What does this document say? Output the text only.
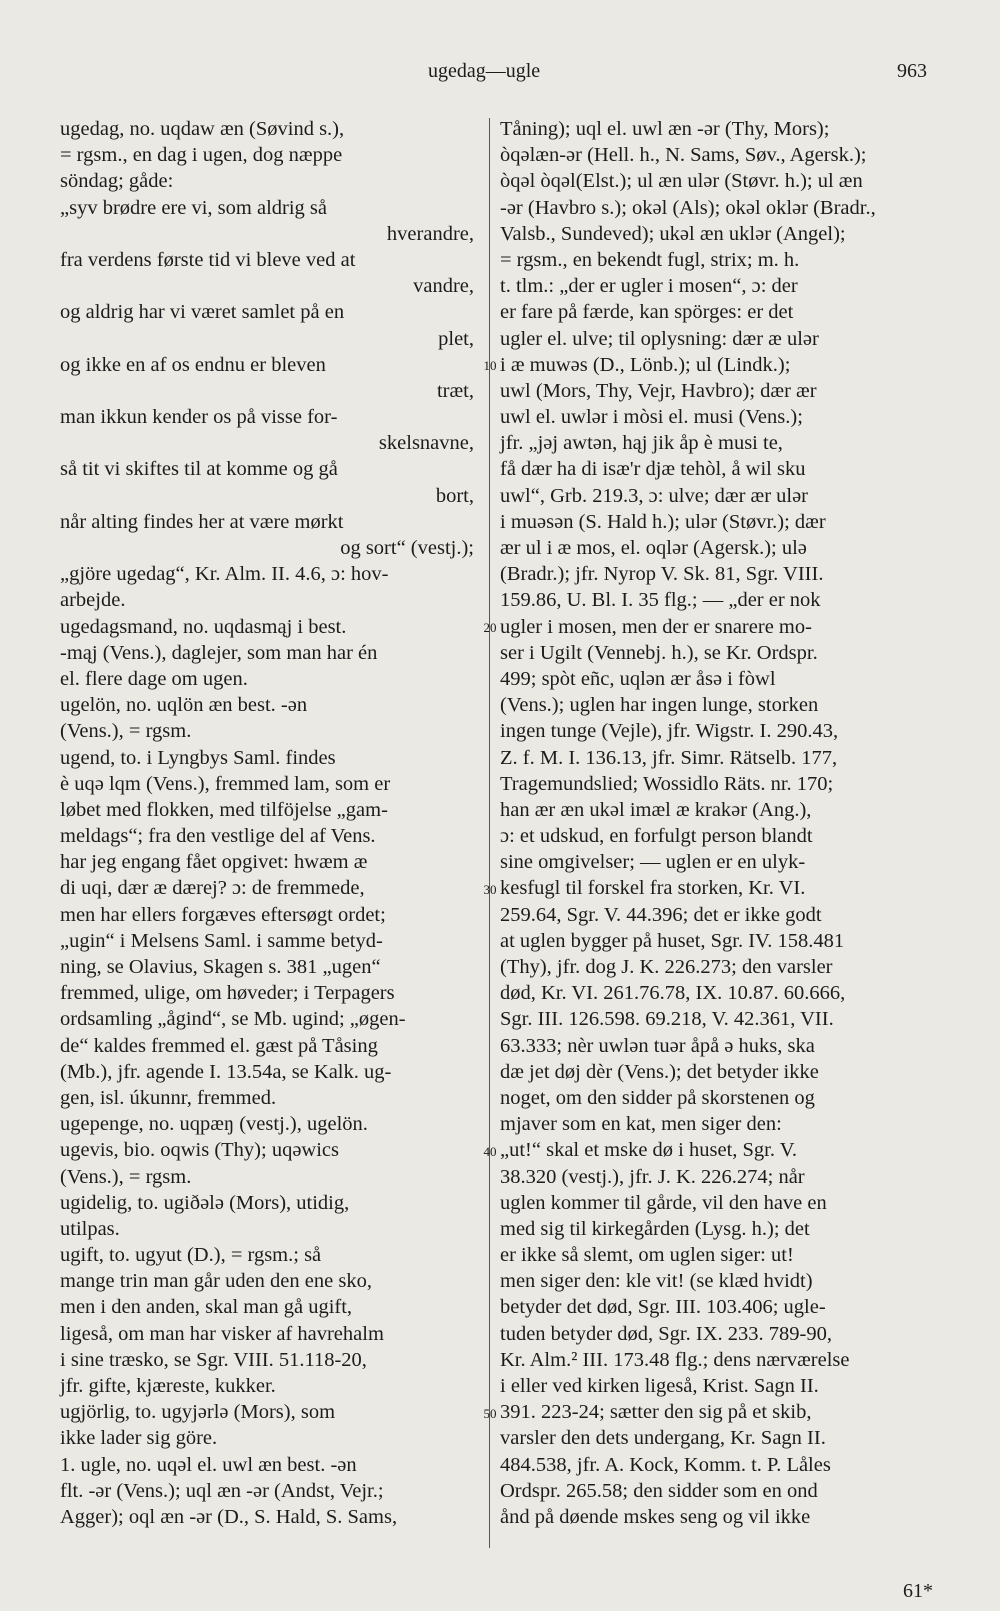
ugedag—ugle	963
ugedag, no. uqdaw æn (Søvind s.),
= rgsm., en dag i ugen, dog næppe
söndag; gåde:
„syv brødre ere vi, som aldrig så
hverandre,
fra verdens første tid vi bleve ved at
vandre,
og aldrig har vi været samlet på en
plet,
og ikke en af os endnu er bleven
træt,
man ikkun kender os på visse for-
skelsnavne,
så tit vi skiftes til at komme og gå
bort,
når alting findes her at være mørkt
og sort“ (vestj.);
„gjöre ugedag“, Kr. Alm. II. 4.6, ɔ: hov-
arbejde.
ugedagsmand, no. uqdasmąj i best.
-mąj (Vens.), daglejer, som man har én
el. flere dage om ugen.
ugelön, no. uqlön æn best. -ən
(Vens.), = rgsm.
ugend, to. i Lyngbys Saml. findes
è uqə lqm (Vens.), fremmed lam, som er
løbet med flokken, med tilföjelse „gam-
meldags“; fra den vestlige del af Vens.
har jeg engang fået opgivet: hwæm æ
di uqi, dær æ dærej? ɔ: de fremmede,
men har ellers forgæves eftersøgt ordet;
„ugin“ i Melsens Saml. i samme betyd-
ning, se Olavius, Skagen s. 381 „ugen“
fremmed, ulige, om høveder; i Terpagers
ordsamling „ågind“, se Mb. ugind; „øgen-
de“ kaldes fremmed el. gæst på Tåsing
(Mb.), jfr. agende I. 13.54a, se Kalk. ug-
gen, isl. úkunnr, fremmed.
ugepenge, no. uqpæŋ (vestj.), ugelön.
ugevis, bio. oqwis (Thy); uqəwics
(Vens.), = rgsm.
ugidelig, to. ugiðələ (Mors), utidig,
utilpas.
ugift, to. ugyut (D.), = rgsm.; så
mange trin man går uden den ene sko,
men i den anden, skal man gå ugift,
ligeså, om man har visker af havrehalm
i sine træsko, se Sgr. VIII. 51.118-20,
jfr. gifte, kjæreste, kukker.
ugjörlig, to. ugyjərlə (Mors), som
ikke lader sig göre.
1. ugle, no. uqəl el. uwl æn best. -ən
flt. -ər (Vens.); uql æn -ər (Andst, Vejr.;
Agger); oql æn -ər (D., S. Hald, S. Sams,
10
20
30
40
50
Tåning); uql el. uwl æn -ər (Thy, Mors);
òqəlæn-ər (Hell. h., N. Sams, Søv., Agersk.);
òqəl òqəl(Elst.); ul æn ulər (Støvr. h.); ul æn
-ər (Havbro s.); okəl (Als); okəl oklər (Bradr.,
Valsb., Sundeved); ukəl æn uklər (Angel);
= rgsm., en bekendt fugl, strix; m. h.
t. tlm.: „der er ugler i mosen“, ɔ: der
er fare på færde, kan spörges: er det
ugler el. ulve; til oplysning: dær æ ulər
i æ muwəs (D., Lönb.); ul (Lindk.);
uwl (Mors, Thy, Vejr, Havbro); dær ær
uwl el. uwlər i mòsi el. musi (Vens.);
jfr. „jəj awtən, hąj jik åp è musi te,
få dær ha di isæ'r djæ tehòl, å wil sku
uwl“, Grb. 219.3, ɔ: ulve; dær ær ulər
i muəsən (S. Hald h.); ulər (Støvr.); dær
ær ul i æ mos, el. oqlər (Agersk.); ulə
(Bradr.); jfr. Nyrop V. Sk. 81, Sgr. VIII.
159.86, U. Bl. I. 35 flg.; — „der er nok
ugler i mosen, men der er snarere mo-
ser i Ugilt (Vennebj. h.), se Kr. Ordspr.
499; spòt eñc, uqlən ær åsə i fòwl
(Vens.); uglen har ingen lunge, storken
ingen tunge (Vejle), jfr. Wigstr. I. 290.43,
Z. f. M. I. 136.13, jfr. Simr. Rätselb. 177,
Tragemundslied; Wossidlo Räts. nr. 170;
han ær æn ukəl imæl æ krakər (Ang.),
ɔ: et udskud, en forfulgt person blandt
sine omgivelser; — uglen er en ulyk-
kesfugl til forskel fra storken, Kr. VI.
259.64, Sgr. V. 44.396; det er ikke godt
at uglen bygger på huset, Sgr. IV. 158.481
(Thy), jfr. dog J. K. 226.273; den varsler
død, Kr. VI. 261.76.78, IX. 10.87. 60.666,
Sgr. III. 126.598. 69.218, V. 42.361, VII.
63.333; nèr uwlən tuər åpå ə huks, ska
dæ jet døj dèr (Vens.); det betyder ikke
noget, om den sidder på skorstenen og
mjaver som en kat, men siger den:
„ut!“ skal et mske dø i huset, Sgr. V.
38.320 (vestj.), jfr. J. K. 226.274; når
uglen kommer til gårde, vil den have en
med sig til kirkegården (Lysg. h.); det
er ikke så slemt, om uglen siger: ut!
men siger den: kle vit! (se klæd hvidt)
betyder det død, Sgr. III. 103.406; ugle-
tuden betyder død, Sgr. IX. 233. 789-90,
Kr. Alm.² III. 173.48 flg.; dens nærværelse
i eller ved kirken ligeså, Krist. Sagn II.
391. 223-24; sætter den sig på et skib,
varsler den dets undergang, Kr. Sagn II.
484.538, jfr. A. Kock, Komm. t. P. Låles
Ordspr. 265.58; den sidder som en ond
ånd på døende mskes seng og vil ikke
61*
